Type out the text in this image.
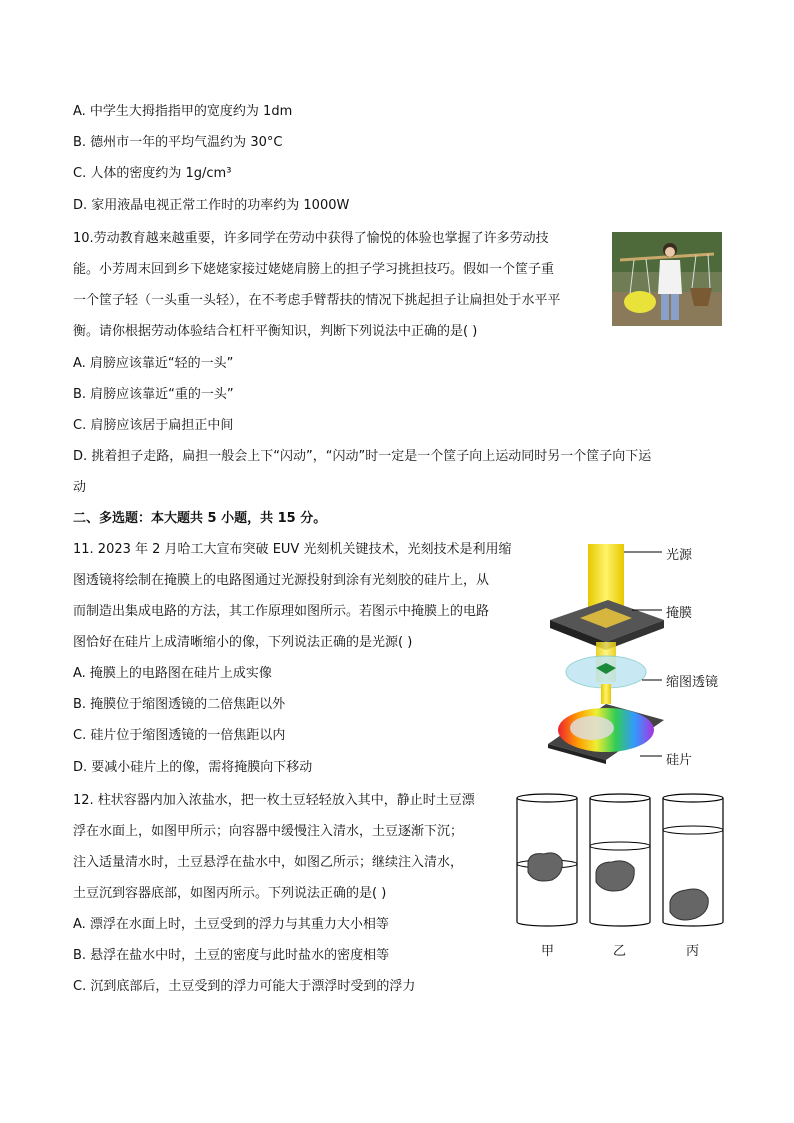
A. 中学生大拇指指甲的宽度约为 1dm
B. 德州市一年的平均气温约为 30°C
C. 人体的密度约为 1g/cm³
D. 家用液晶电视正常工作时的功率约为 1000W
10.劳动教育越来越重要，许多同学在劳动中获得了愉悦的体验也掌握了许多劳动技
能。小芳周末回到乡下姥姥家接过姥姥肩膀上的担子学习挑担技巧。假如一个筐子重
一个筐子轻（一头重一头轻），在不考虑手臂帮扶的情况下挑起担子让扁担处于水平平
衡。请你根据劳动体验结合杠杆平衡知识，判断下列说法中正确的是( )
A. 肩膀应该靠近“轻的一头”
B. 肩膀应该靠近“重的一头”
C. 肩膀应该居于扁担正中间
D. 挑着担子走路，扁担一般会上下“闪动”，“闪动”时一定是一个筐子向上运动同时另一个筐子向下运
动
二、多选题：本大题共 5 小题，共 15 分。
11. 2023 年 2 月哈工大宣布突破 EUV 光刻机关键技术，光刻技术是利用缩
图透镜将绘制在掩膜上的电路图通过光源投射到涂有光刻胶的硅片上，从
而制造出集成电路的方法，其工作原理如图所示。若图示中掩膜上的电路
图恰好在硅片上成清晰缩小的像，下列说法正确的是光源( )
A. 掩膜上的电路图在硅片上成实像
B. 掩膜位于缩图透镜的二倍焦距以外
C. 硅片位于缩图透镜的一倍焦距以内
D. 要减小硅片上的像，需将掩膜向下移动
光源
掩膜
缩图透镜
硅片
12. 柱状容器内加入浓盐水，把一枚土豆轻轻放入其中，静止时土豆漂
浮在水面上，如图甲所示；向容器中缓慢注入清水，土豆逐渐下沉；
注入适量清水时，土豆悬浮在盐水中，如图乙所示；继续注入清水，
土豆沉到容器底部，如图丙所示。下列说法正确的是( )
A. 漂浮在水面上时，土豆受到的浮力与其重力大小相等
B. 悬浮在盐水中时，土豆的密度与此时盐水的密度相等
C. 沉到底部后，土豆受到的浮力可能大于漂浮时受到的浮力
甲	乙	丙
